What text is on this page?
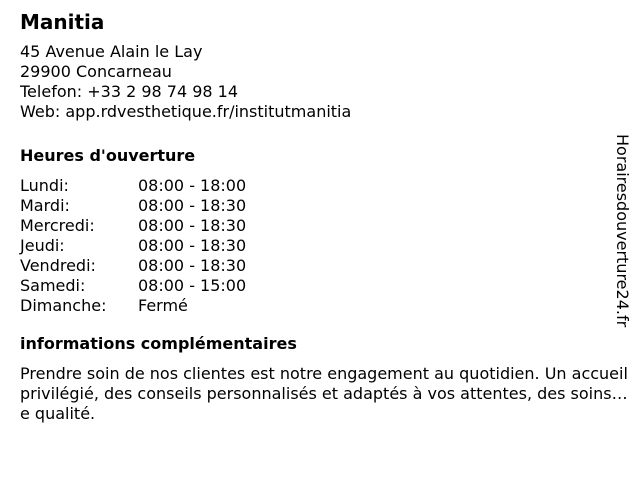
Manitia
45 Avenue Alain le Lay
29900 Concarneau
Telefon: +33 2 98 74 98 14
Web: app.rdvesthetique.fr/institutmanitia
Heures d'ouverture
Lundi:	08:00 - 18:00
Mardi:	08:00 - 18:30
Mercredi:	08:00 - 18:30
Jeudi:	08:00 - 18:30
Vendredi:	08:00 - 18:30
Samedi:	08:00 - 15:00
Dimanche:	Fermé
informations complémentaires
Prendre soin de nos clientes est notre engagement au quotidien. Un accueil privilégié, des conseils personnalisés et adaptés à vos attentes, des soins de qualité.
Horairesdouverture24.fr
